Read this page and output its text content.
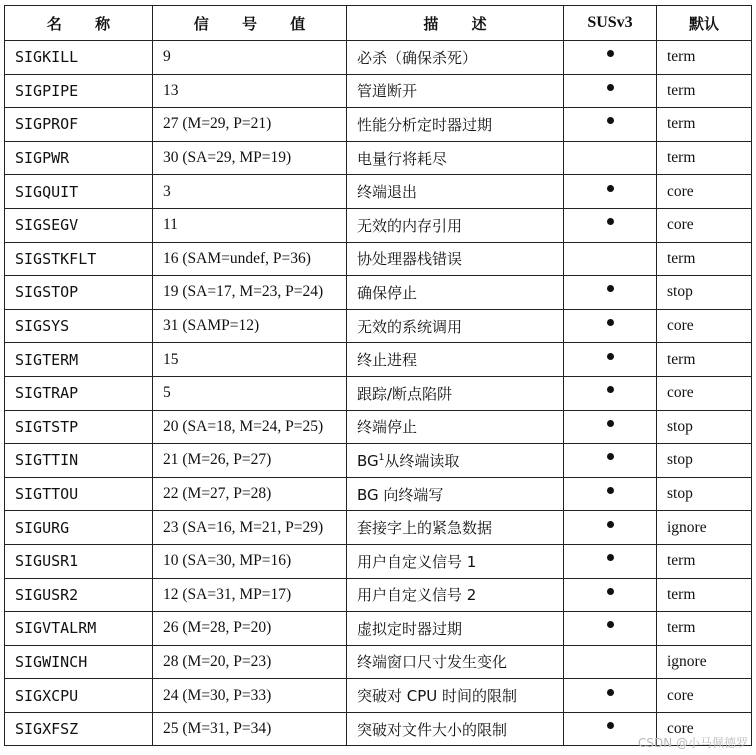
名 称	信 号 值	描 述	SUSv3	默认
SIGKILL	9	必杀（确保杀死）		term
SIGPIPE	13	管道断开		term
SIGPROF	27 (M=29, P=21)	性能分析定时器过期		term
SIGPWR	30 (SA=29, MP=19)	电量行将耗尽		term
SIGQUIT	3	终端退出		core
SIGSEGV	11	无效的内存引用		core
SIGSTKFLT	16 (SAM=undef, P=36)	协处理器栈错误		term
SIGSTOP	19 (SA=17, M=23, P=24)	确保停止		stop
SIGSYS	31 (SAMP=12)	无效的系统调用		core
SIGTERM	15	终止进程		term
SIGTRAP	5	跟踪/断点陷阱		core
SIGTSTP	20 (SA=18, M=24, P=25)	终端停止		stop
SIGTTIN	21 (M=26, P=27)	$BG^1$从终端读取		stop
SIGTTOU	22 (M=27, P=28)	BG 向终端写		stop
SIGURG	23 (SA=16, M=21, P=29)	套接字上的紧急数据		ignore
SIGUSR1	10 (SA=30, MP=16)	用户自定义信号 1		term
SIGUSR2	12 (SA=31, MP=17)	用户自定义信号 2		term
SIGVTALRM	26 (M=28, P=20)	虚拟定时器过期		term
SIGWINCH	28 (M=20, P=23)	终端窗口尺寸发生变化		ignore
SIGXCPU	24 (M=30, P=33)	突破对 CPU 时间的限制		core
SIGXFSZ	25 (M=31, P=34)	突破对文件大小的限制		core
CSDN @小马佩德罗
